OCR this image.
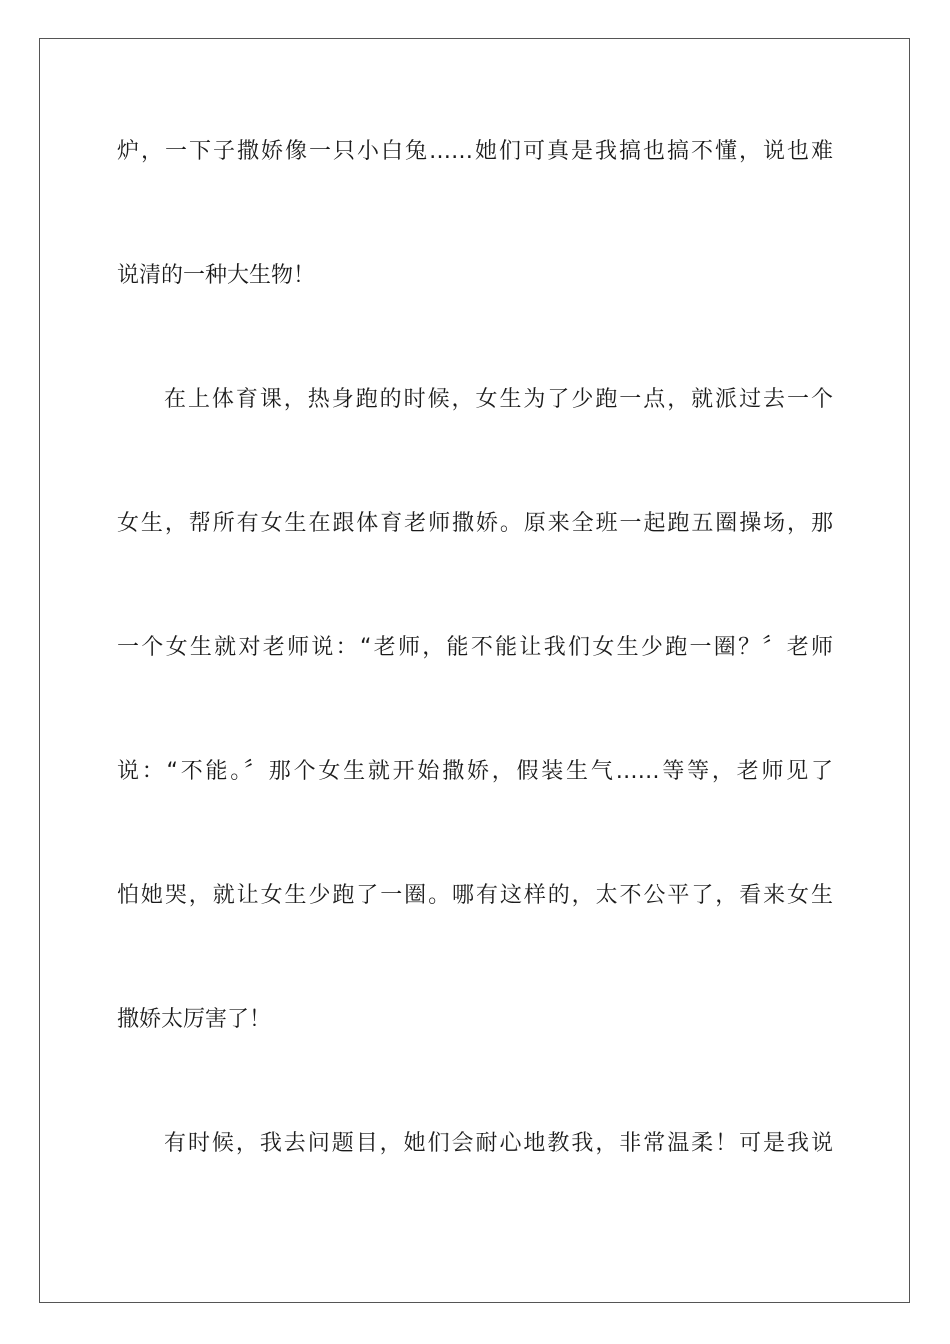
炉，一下子撒娇像一只小白兔……她们可真是我搞也搞不懂，说也难
说清的一种大生物！
在上体育课，热身跑的时候，女生为了少跑一点，就派过去一个
女生，帮所有女生在跟体育老师撒娇。原来全班一起跑五圈操场，那
一个女生就对老师说：“老师，能不能让我们女生少跑一圈？〞老师
说：“不能。〞那个女生就开始撒娇，假装生气……等等，老师见了
怕她哭，就让女生少跑了一圈。哪有这样的，太不公平了，看来女生
撒娇太厉害了！
有时候，我去问题目，她们会耐心地教我，非常温柔！可是我说
